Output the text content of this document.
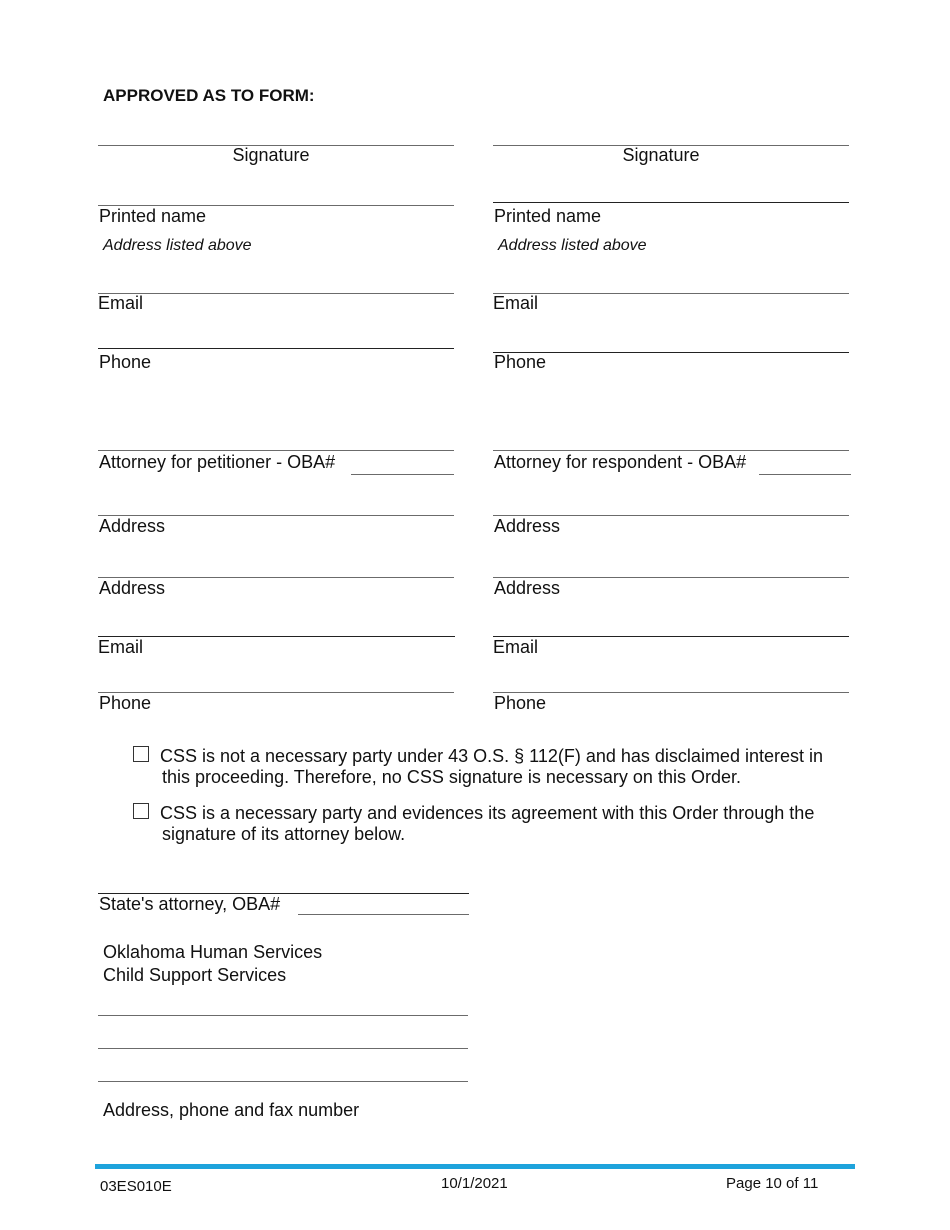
APPROVED AS TO FORM:
Signature
Printed name
Address listed above
Email
Phone
Attorney for petitioner - OBA#
Address
Address
Email
Phone
Signature
Printed name
Address listed above
Email
Phone
Attorney for respondent - OBA#
Address
Address
Email
Phone
CSS is not a necessary party under 43 O.S. § 112(F) and has disclaimed interest in
this proceeding. Therefore, no CSS signature is necessary on this Order.
CSS is a necessary party and evidences its agreement with this Order through the
signature of its attorney below.
State's attorney, OBA#
Oklahoma Human Services
Child Support Services
Address, phone and fax number
03ES010E	10/1/2021	Page 10 of 11
